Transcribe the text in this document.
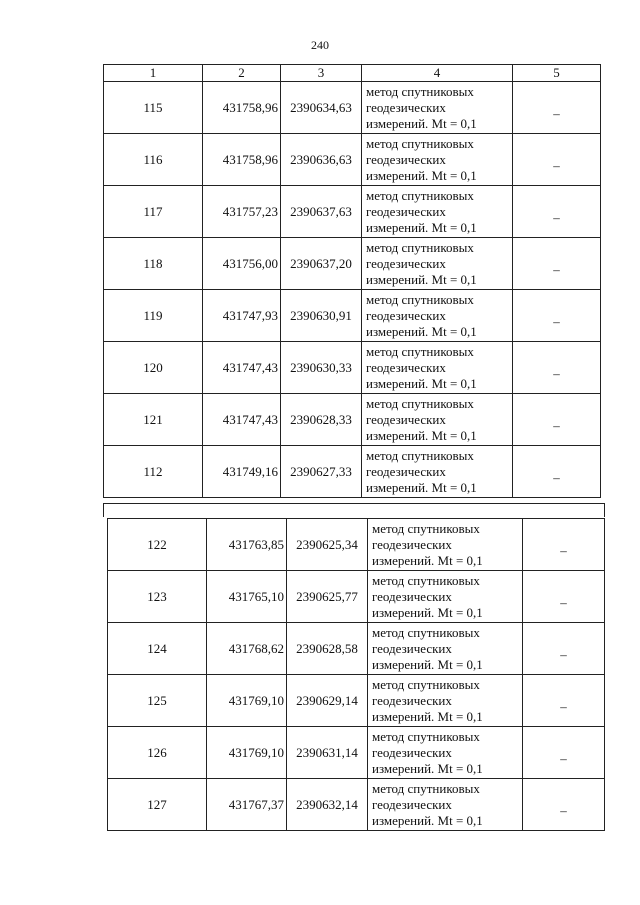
240
1	2	3	4	5
115	431758,96	2390634,63	метод спутниковых
геодезических
измерений. Mt = 0,1	–
116	431758,96	2390636,63	метод спутниковых
геодезических
измерений. Mt = 0,1	–
117	431757,23	2390637,63	метод спутниковых
геодезических
измерений. Mt = 0,1	–
118	431756,00	2390637,20	метод спутниковых
геодезических
измерений. Mt = 0,1	–
119	431747,93	2390630,91	метод спутниковых
геодезических
измерений. Mt = 0,1	–
120	431747,43	2390630,33	метод спутниковых
геодезических
измерений. Mt = 0,1	–
121	431747,43	2390628,33	метод спутниковых
геодезических
измерений. Mt = 0,1	–
112	431749,16	2390627,33	метод спутниковых
геодезических
измерений. Mt = 0,1	–
122	431763,85	2390625,34	метод спутниковых
геодезических
измерений. Mt = 0,1	–
123	431765,10	2390625,77	метод спутниковых
геодезических
измерений. Mt = 0,1	–
124	431768,62	2390628,58	метод спутниковых
геодезических
измерений. Mt = 0,1	–
125	431769,10	2390629,14	метод спутниковых
геодезических
измерений. Mt = 0,1	–
126	431769,10	2390631,14	метод спутниковых
геодезических
измерений. Mt = 0,1	–
127	431767,37	2390632,14	метод спутниковых
геодезических
измерений. Mt = 0,1	–
